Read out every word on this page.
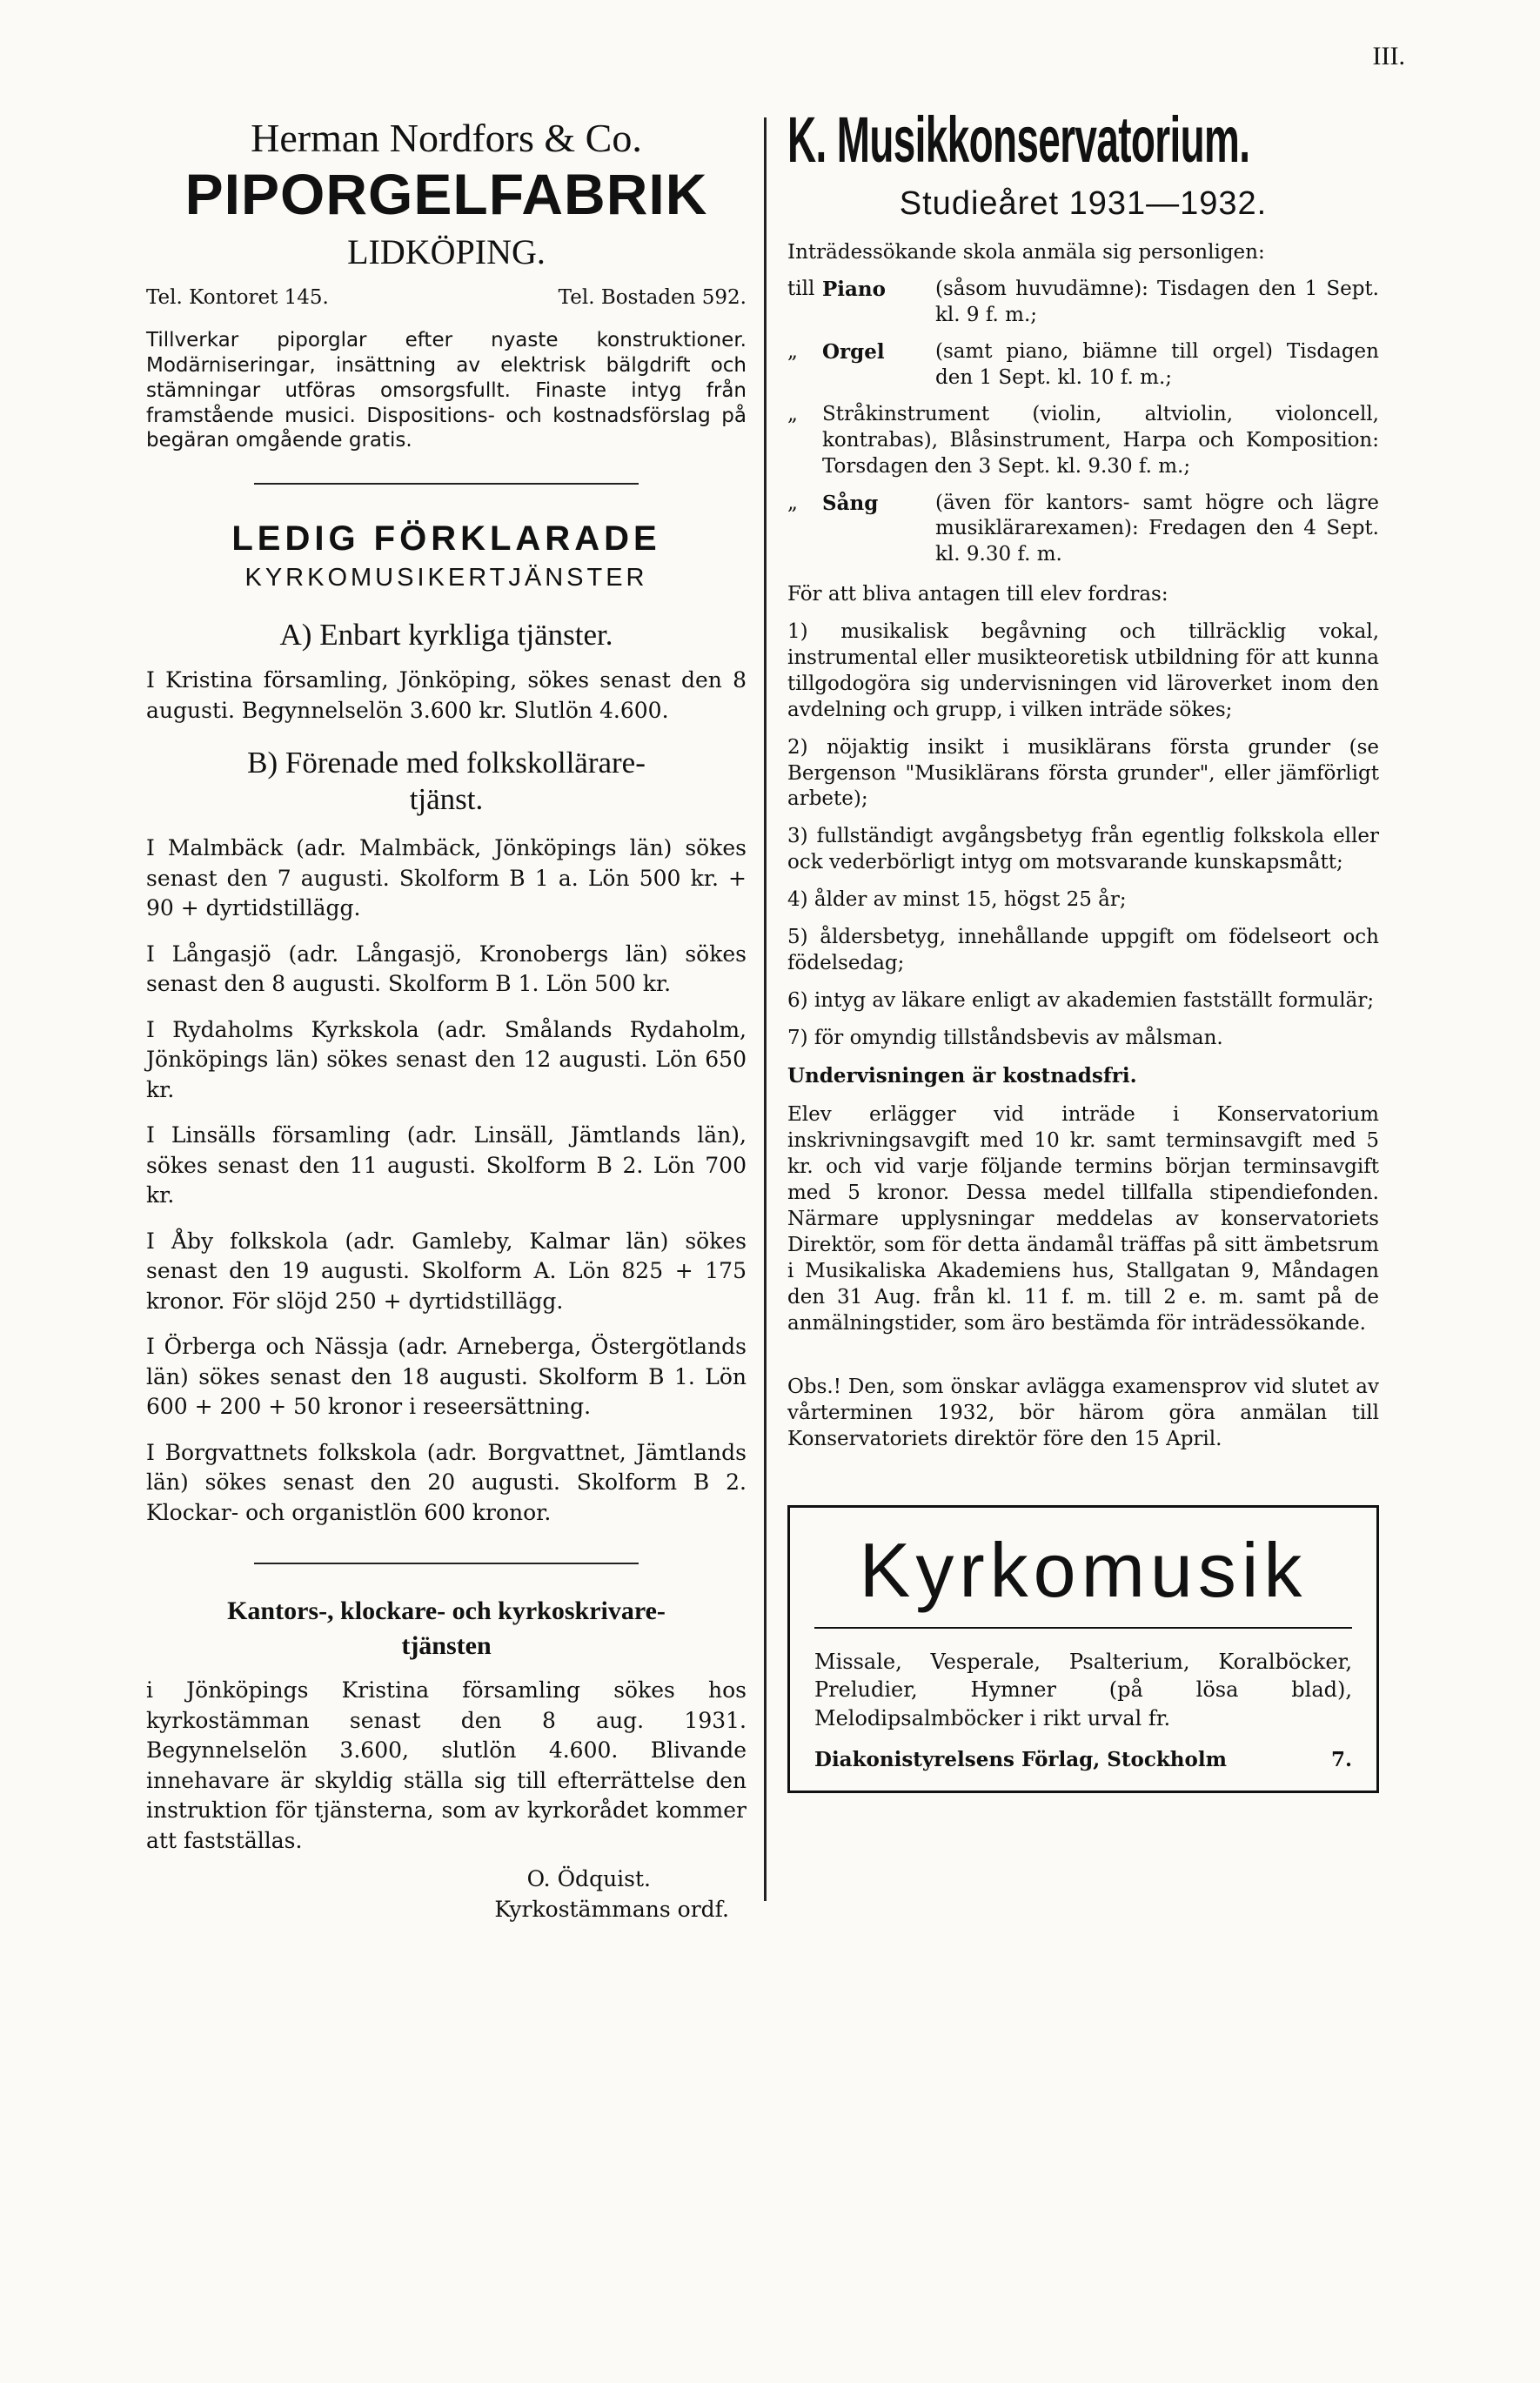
III.

Herman Nordfors & Co.

PIPORGELFABRIK

LIDKÖPING.

Tel. Kontoret 145.	Tel. Bostaden 592.

Tillverkar piporglar efter nyaste konstruktioner. Modärniseringar, insättning av elektrisk bälgdrift och stämningar utföras omsorgsfullt. Finaste intyg från framstående musici. Dispositions- och kostnadsförslag på begäran omgående gratis.

LEDIG FÖRKLARADE

KYRKOMUSIKERTJÄNSTER

A) Enbart kyrkliga tjänster.

I Kristina församling, Jönköping, sökes senast den 8 augusti. Begynnelselön 3.600 kr. Slutlön 4.600.

B) Förenade med folkskollärare-

tjänst.

I Malmbäck (adr. Malmbäck, Jönköpings län) sökes senast den 7 augusti. Skolform B 1 a. Lön 500 kr. + 90 + dyrtidstillägg.

I Långasjö (adr. Långasjö, Kronobergs län) sökes senast den 8 augusti. Skolform B 1. Lön 500 kr.

I Rydaholms Kyrkskola (adr. Smålands Rydaholm, Jönköpings län) sökes senast den 12 augusti. Lön 650 kr.

I Linsälls församling (adr. Linsäll, Jämtlands län), sökes senast den 11 augusti. Skolform B 2. Lön 700 kr.

I Åby folkskola (adr. Gamleby, Kalmar län) sökes senast den 19 augusti. Skolform A. Lön 825 + 175 kronor. För slöjd 250 + dyrtidstillägg.

I Örberga och Nässja (adr. Arneberga, Östergötlands län) sökes senast den 18 augusti. Skolform B 1. Lön 600 + 200 + 50 kronor i reseersättning.

I Borgvattnets folkskola (adr. Borgvattnet, Jämtlands län) sökes senast den 20 augusti. Skolform B 2. Klockar- och organistlön 600 kronor.

Kantors-, klockare- och kyrkoskrivare-

tjänsten

i Jönköpings Kristina församling sökes hos kyrkostämman senast den 8 aug. 1931. Begynnelselön 3.600, slutlön 4.600. Blivande innehavare är skyldig ställa sig till efterrättelse den instruktion för tjänsterna, som av kyrkorådet kommer att fastställas.

O. Ödquist.

Kyrkostämmans ordf.

K. Musikkonservatorium.

Studieåret 1931—1932.

Inträdessökande skola anmäla sig personligen:

till Piano	(såsom huvudämne): Tisdagen den 1 Sept. kl. 9 f. m.;
„	Orgel	(samt piano, biämne till orgel) Tisdagen den 1 Sept. kl. 10 f. m.;
„	Stråkinstrument (violin, altviolin, violoncell, kontrabas), Blåsinstrument, Harpa och Komposition: Torsdagen den 3 Sept. kl. 9.30 f. m.;
„	Sång	(även för kantors- samt högre och lägre musiklärarexamen): Fredagen den 4 Sept. kl. 9.30 f. m.

För att bliva antagen till elev fordras:

1) musikalisk begåvning och tillräcklig vokal, instrumental eller musikteoretisk utbildning för att kunna tillgodogöra sig undervisningen vid läroverket inom den avdelning och grupp, i vilken inträde sökes;

2) nöjaktig insikt i musiklärans första grunder (se Bergenson "Musiklärans första grunder", eller jämförligt arbete);

3) fullständigt avgångsbetyg från egentlig folkskola eller ock vederbörligt intyg om motsvarande kunskapsmått;

4) ålder av minst 15, högst 25 år;

5) åldersbetyg, innehållande uppgift om födelseort och födelsedag;

6) intyg av läkare enligt av akademien fastställt formulär;

7) för omyndig tillståndsbevis av målsman.

Undervisningen är kostnadsfri.

Elev erlägger vid inträde i Konservatorium inskrivningsavgift med 10 kr. samt terminsavgift med 5 kr. och vid varje följande termins början terminsavgift med 5 kronor. Dessa medel tillfalla stipendiefonden. Närmare upplysningar meddelas av konservatoriets Direktör, som för detta ändamål träffas på sitt ämbetsrum i Musikaliska Akademiens hus, Stallgatan 9, Måndagen den 31 Aug. från kl. 11 f. m. till 2 e. m. samt på de anmälningstider, som äro bestämda för inträdessökande.

Obs.! Den, som önskar avlägga examensprov vid slutet av vårterminen 1932, bör härom göra anmälan till Konservatoriets direktör före den 15 April.

Kyrkomusik

Missale, Vesperale, Psalterium, Koralböcker, Preludier, Hymner (på lösa blad), Melodipsalmböcker i rikt urval fr.

Diakonistyrelsens Förlag, Stockholm	7.
